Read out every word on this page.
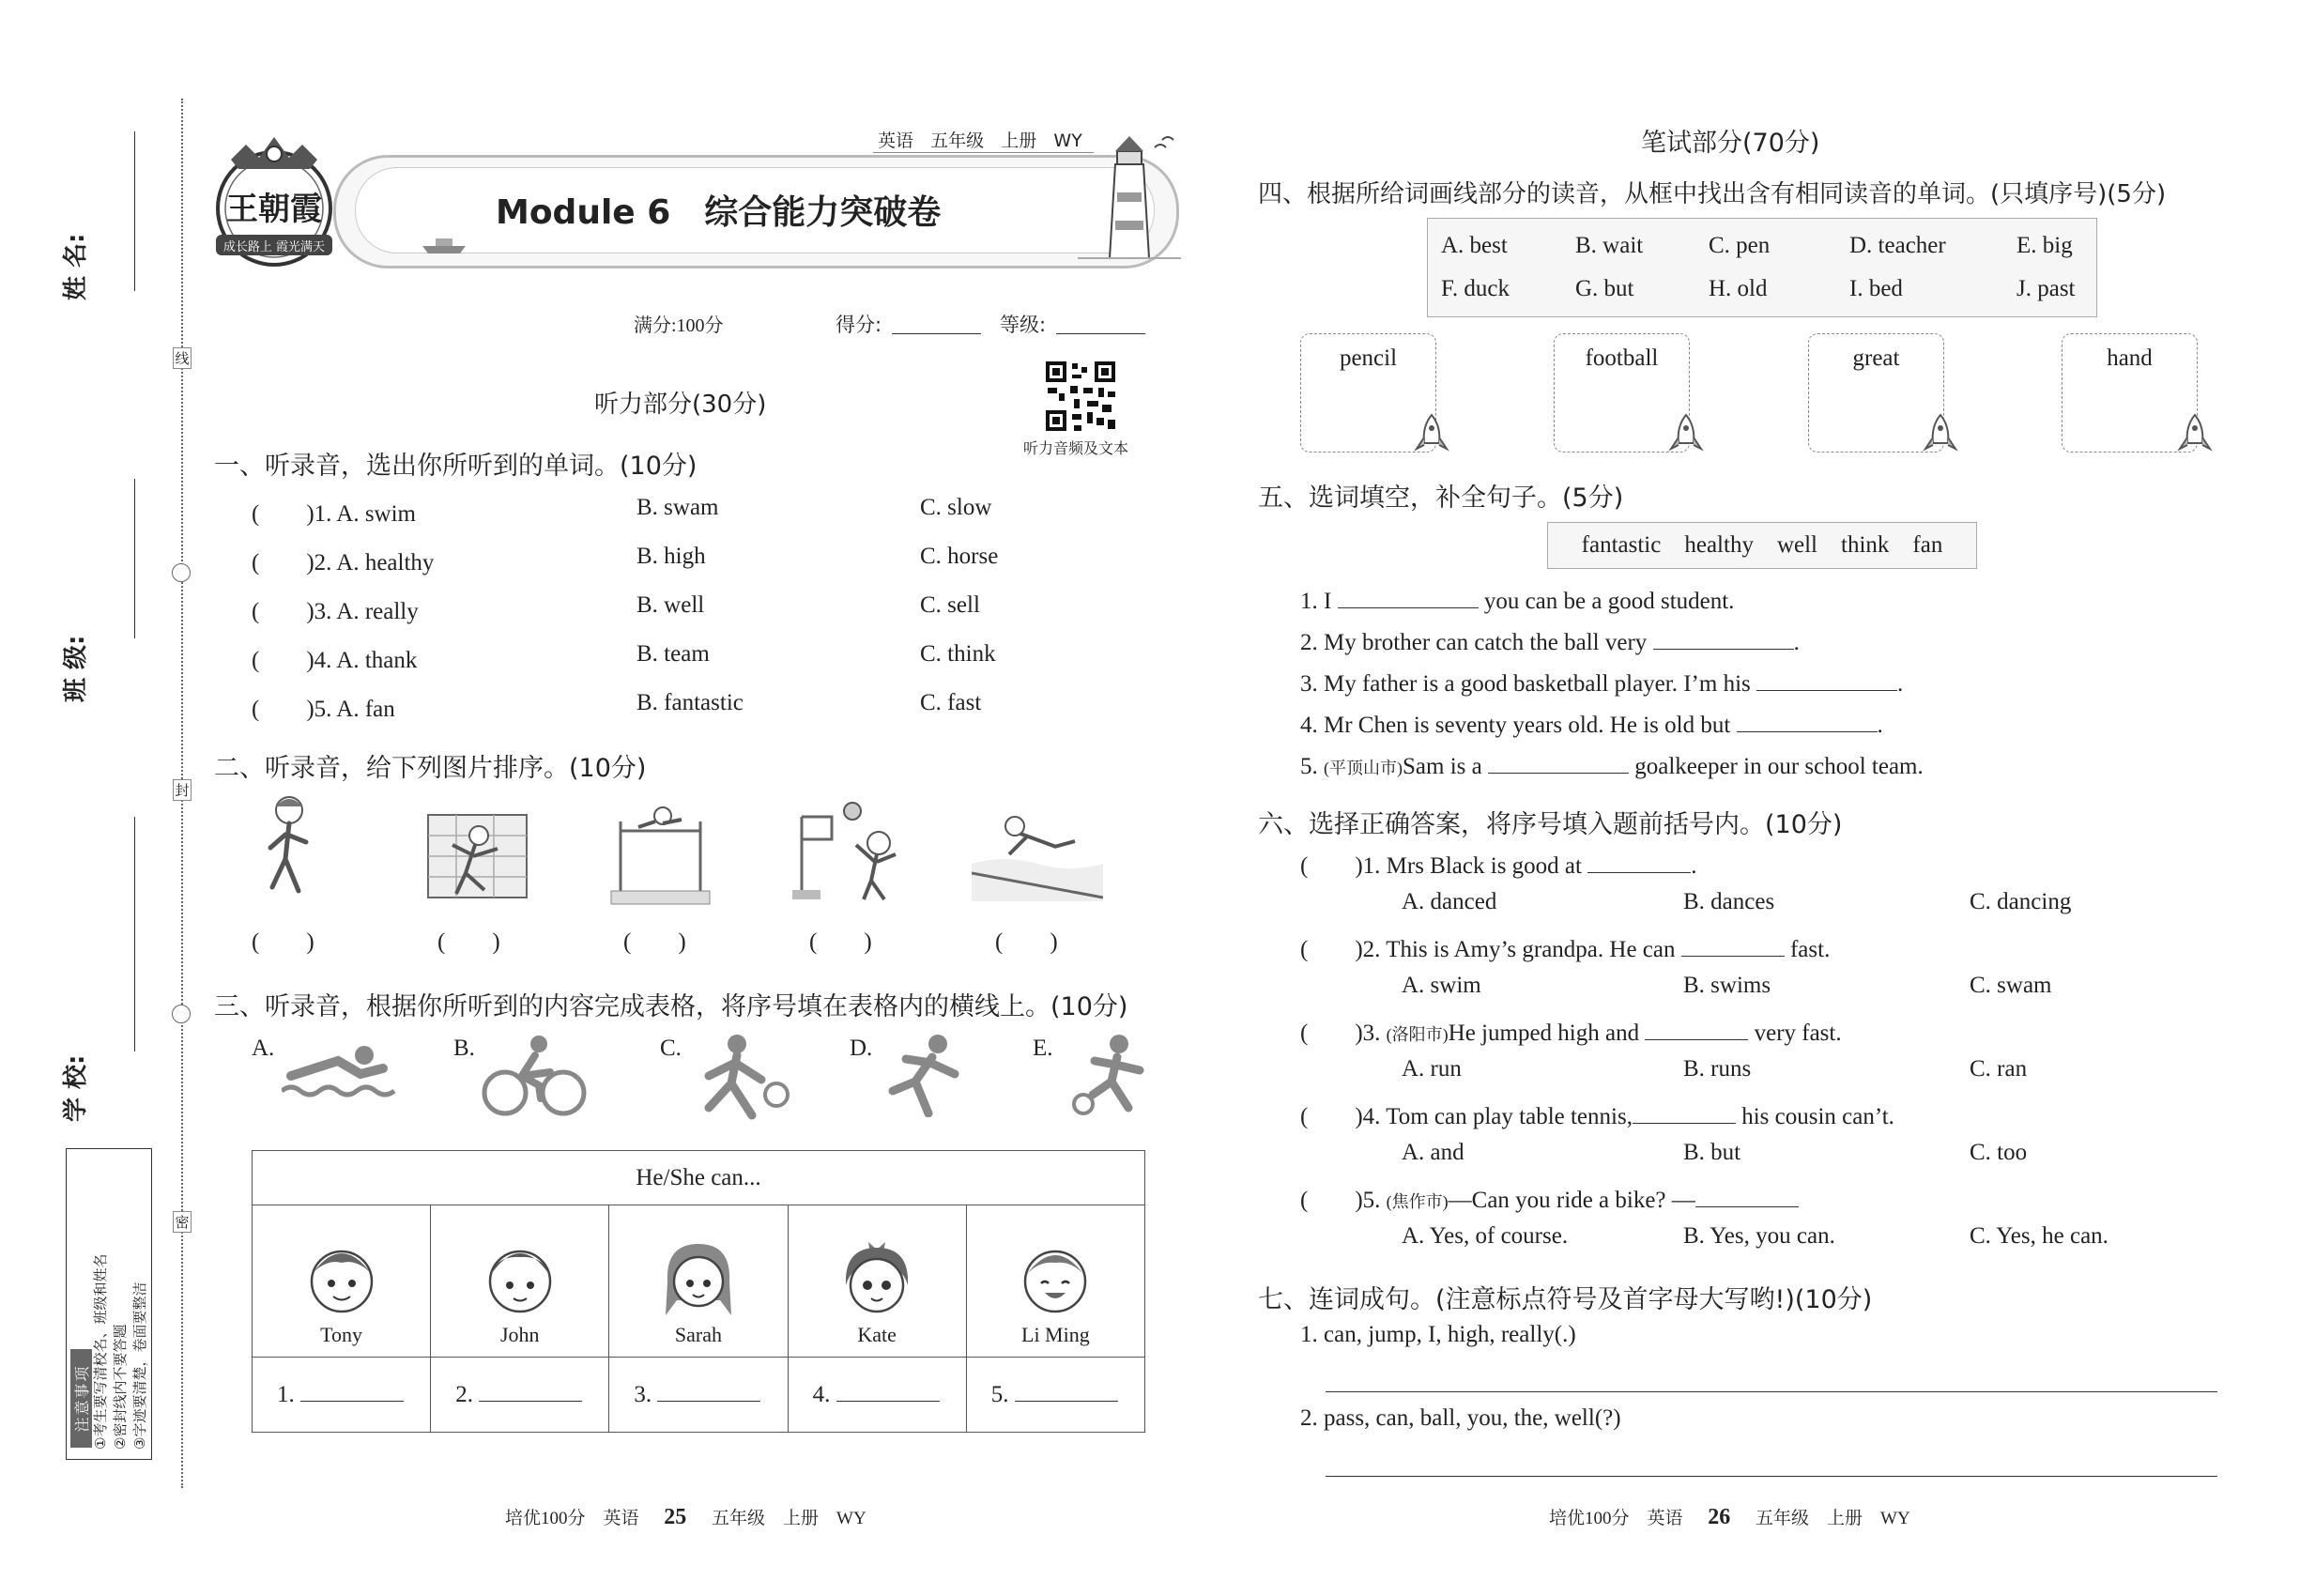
线
封
密
姓 名:
班 级:
学 校:
注意事项 ①考生要写清校名、班级和姓名 ②密封线内不要答题 ③字迹要清楚，卷面要整洁
英语 五年级 上册 WY
Module 6　综合能力突破卷
王朝霞
成长路上 霞光满天
满分:100分	得分:	等级:
听力音频及文本
听力部分(30分)
一、听录音，选出你所听到的单词。(10分)
(　　)1. A. swim	B. swam	C. slow
(　　)2. A. healthy	B. high	C. horse
(　　)3. A. really	B. well	C. sell
(　　)4. A. thank	B. team	C. think
(　　)5. A. fan	B. fantastic	C. fast
二、听录音，给下列图片排序。(10分)
(　　)	(　　)	(　　)	(　　)	(　　)
三、听录音，根据你所听到的内容完成表格，将序号填在表格内的横线上。(10分)
A.	B.	C.	D.	E.
He/She can...				

Tony	John	Sarah	Kate	Li Ming

1.	2.	3.	4.	5.
培优100分　英语 25 五年级　上册　WY
笔试部分(70分)
四、根据所给词画线部分的读音，从框中找出含有相同读音的单词。(只填序号)(5分)
A. best	B. wait	C. pen	D. teacher	E. big
F. duck	G. but	H. old	I. bed	J. past
pencil	football	great	hand
五、选词填空，补全句子。(5分)
fantastic healthy well think fan
1. I	you can be a good student.
2. My brother can catch the ball very	.
3. My father is a good basketball player. I’m his	.
4. Mr Chen is seventy years old. He is old but	.
5. (平顶山市)Sam is a	goalkeeper in our school team.
六、选择正确答案，将序号填入题前括号内。(10分)
(　　)1. Mrs Black is good at	.
A. danced	B. dances	C. dancing
(　　)2. This is Amy’s grandpa. He can	fast.
A. swim	B. swims	C. swam
(　　)3. (洛阳市)He jumped high and	very fast.
A. run	B. runs	C. ran
(　　)4. Tom can play table tennis,	his cousin can’t.
A. and	B. but	C. too
(　　)5. (焦作市)—Can you ride a bike? —
A. Yes, of course.	B. Yes, you can.	C. Yes, he can.
七、连词成句。(注意标点符号及首字母大写哟!)(10分)
1. can, jump, I, high, really(.)
2. pass, can, ball, you, the, well(?)
培优100分　英语 26 五年级　上册　WY
